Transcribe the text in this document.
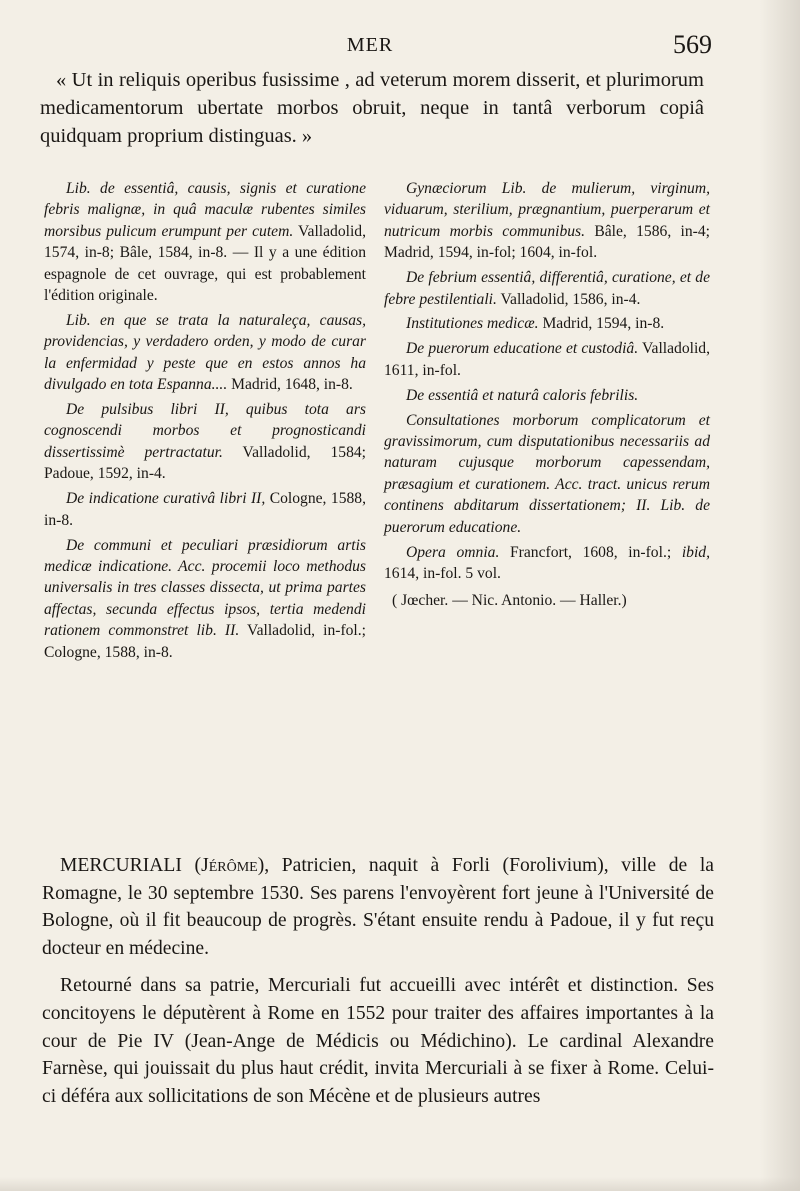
MER	569

« Ut in reliquis operibus fusissime , ad veterum morem disserit, et plurimorum medicamentorum ubertate morbos obruit, neque in tantâ verborum copiâ quidquam proprium distinguas. »

Lib. de essentiâ, causis, signis et curatione febris malignæ, in quâ maculæ rubentes similes morsibus pulicum erumpunt per cutem. Valladolid, 1574, in-8; Bâle, 1584, in-8. — Il y a une édition espagnole de cet ouvrage, qui est probablement l'édition originale.

Lib. en que se trata la naturaleça, causas, providencias, y verdadero orden, y modo de curar la enfermidad y peste que en estos annos ha divulgado en tota Espanna.... Madrid, 1648, in-8.

De pulsibus libri II, quibus tota ars cognoscendi morbos et prognosticandi dissertissimè pertractatur. Valladolid, 1584; Padoue, 1592, in-4.

De indicatione curativâ libri II, Cologne, 1588, in-8.

De communi et peculiari præsidiorum artis medicæ indicatione. Acc. procemii loco methodus universalis in tres classes dissecta, ut prima partes affectas, secunda effectus ipsos, tertia medendi rationem commonstret lib. II. Valladolid, in-fol.; Cologne, 1588, in-8.

Gynæciorum Lib. de mulierum, virginum, viduarum, sterilium, prægnantium, puerperarum et nutricum morbis communibus. Bâle, 1586, in-4; Madrid, 1594, in-fol; 1604, in-fol.

De febrium essentiâ, differentiâ, curatione, et de febre pestilentiali. Valladolid, 1586, in-4.

Institutiones medicæ. Madrid, 1594, in-8.

De puerorum educatione et custodiâ. Valladolid, 1611, in-fol.

De essentiâ et naturâ caloris febrilis.

Consultationes morborum complicatorum et gravissimorum, cum disputationibus necessariis ad naturam cujusque morborum capessendam, præsagium et curationem. Acc. tract. unicus rerum continens abditarum dissertationem; II. Lib. de puerorum educatione.

Opera omnia. Francfort, 1608, in-fol.; ibid, 1614, in-fol. 5 vol.

( Jœcher. — Nic. Antonio. — Haller.)

MERCURIALI (Jérôme), Patricien, naquit à Forli (Forolivium), ville de la Romagne, le 30 septembre 1530. Ses parens l'envoyèrent fort jeune à l'Université de Bologne, où il fit beaucoup de progrès. S'étant ensuite rendu à Padoue, il y fut reçu docteur en médecine.

Retourné dans sa patrie, Mercuriali fut accueilli avec intérêt et distinction. Ses concitoyens le députèrent à Rome en 1552 pour traiter des affaires importantes à la cour de Pie IV (Jean-Ange de Médicis ou Médichino). Le cardinal Alexandre Farnèse, qui jouissait du plus haut crédit, invita Mercuriali à se fixer à Rome. Celui-ci déféra aux sollicitations de son Mécène et de plusieurs autres
